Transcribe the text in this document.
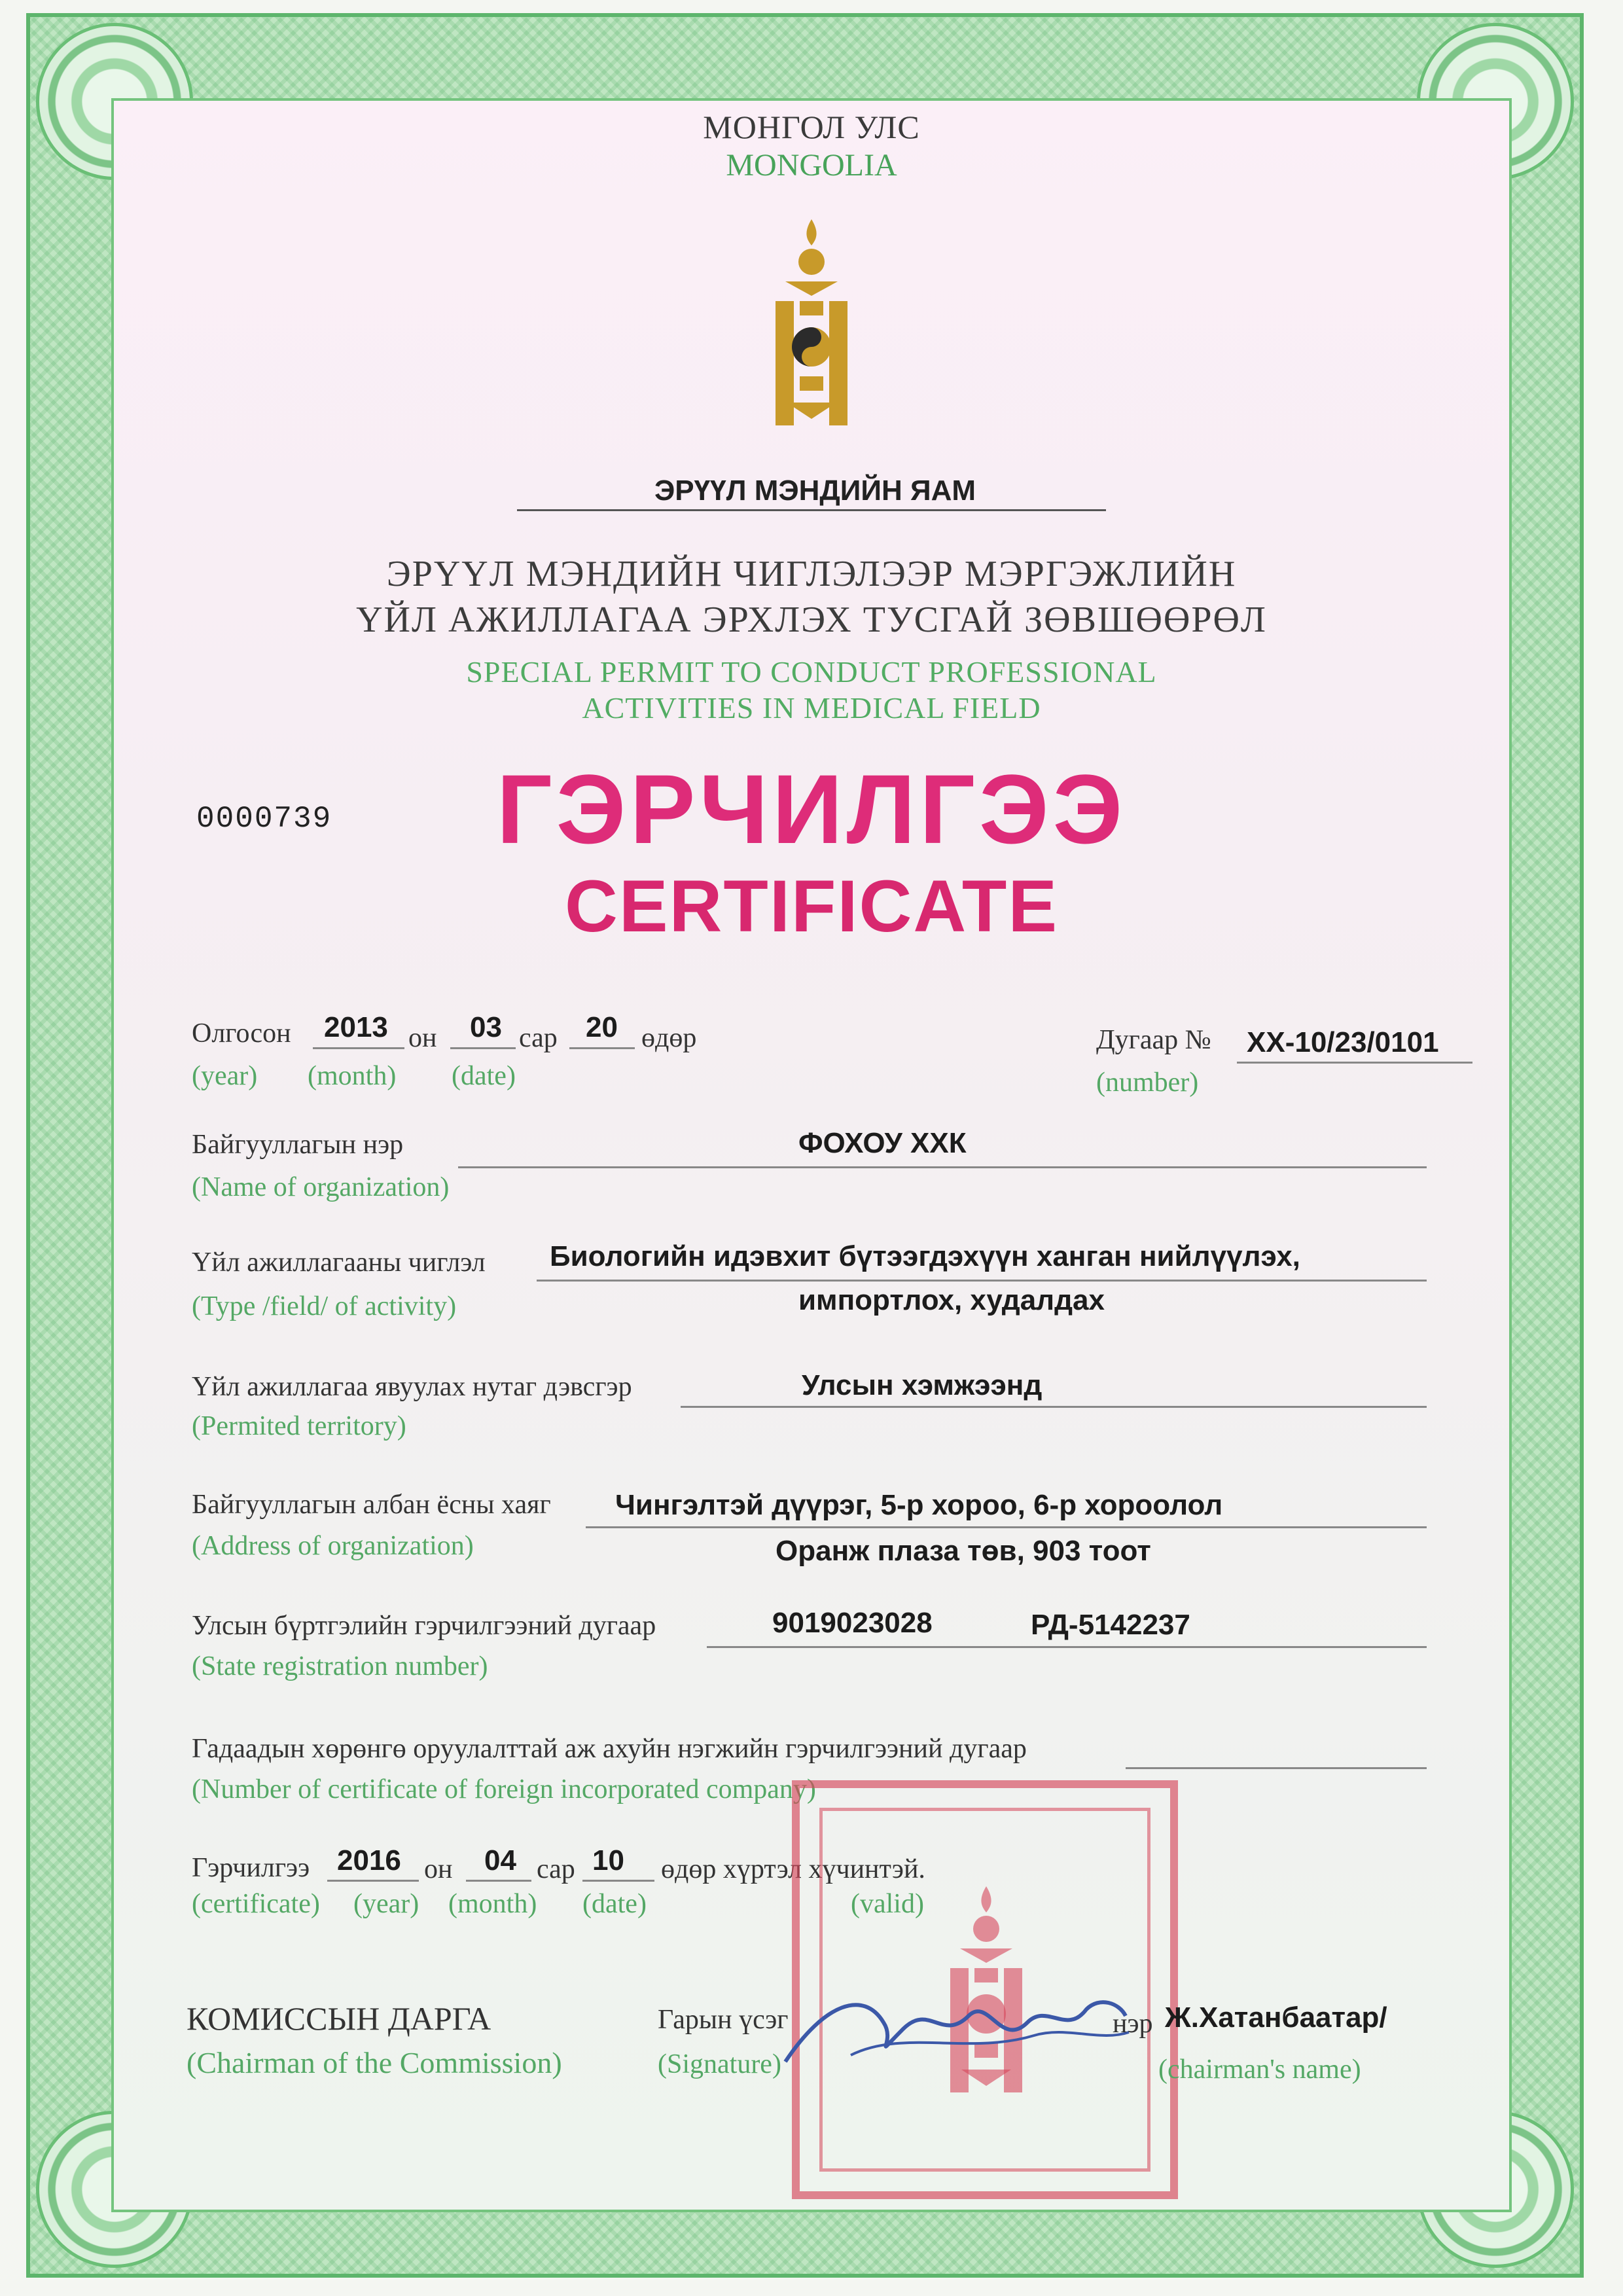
МОНГОЛ УЛС
MONGOLIA
ЭРҮҮЛ МЭНДИЙН ЯАМ
ЭРҮҮЛ МЭНДИЙН ЧИГЛЭЛЭЭР МЭРГЭЖЛИЙН
ҮЙЛ АЖИЛЛАГАА ЭРХЛЭХ ТУСГАЙ ЗӨВШӨӨРӨЛ
SPECIAL PERMIT TO CONDUCT PROFESSIONAL
ACTIVITIES IN MEDICAL FIELD
0000739	ГЭРЧИЛГЭЭ
CERTIFICATE
Олгосон 2013 он 03 сар 20 өдөр
(year) (month) (date)
Дугаар № XX-10/23/0101
(number)
Байгууллагын нэр	ФОХОУ ХХК
(Name of organization)
Үйл ажиллагааны чиглэл Биологийн идэвхит бүтээгдэхүүн ханган нийлүүлэх,
импортлох, худалдах
(Type /field/ of activity)
Үйл ажиллагаа явуулах нутаг дэвсгэр	Улсын хэмжээнд
(Permited territory)
Байгууллагын албан ёсны хаяг Чингэлтэй дүүрэг, 5-р хороо, 6-р хороолол
Оранж плаза төв, 903 тоот
(Address of organization)
Улсын бүртгэлийн гэрчилгээний дугаар	9019023028	РД-5142237
(State registration number)
Гадаадын хөрөнгө оруулалттай аж ахуйн нэгжийн гэрчилгээний дугаар
(Number of certificate of foreign incorporated company)
Гэрчилгээ 2016 он 04 сар 10 өдөр хүртэл хүчинтэй.
(certificate) (year) (month) (date)	(valid)
КОМИССЫН ДАРГА
(Chairman of the Commission)
Гарын үсэг
(Signature)
нэр Ж.Хатанбаатар/
(chairman's name)
